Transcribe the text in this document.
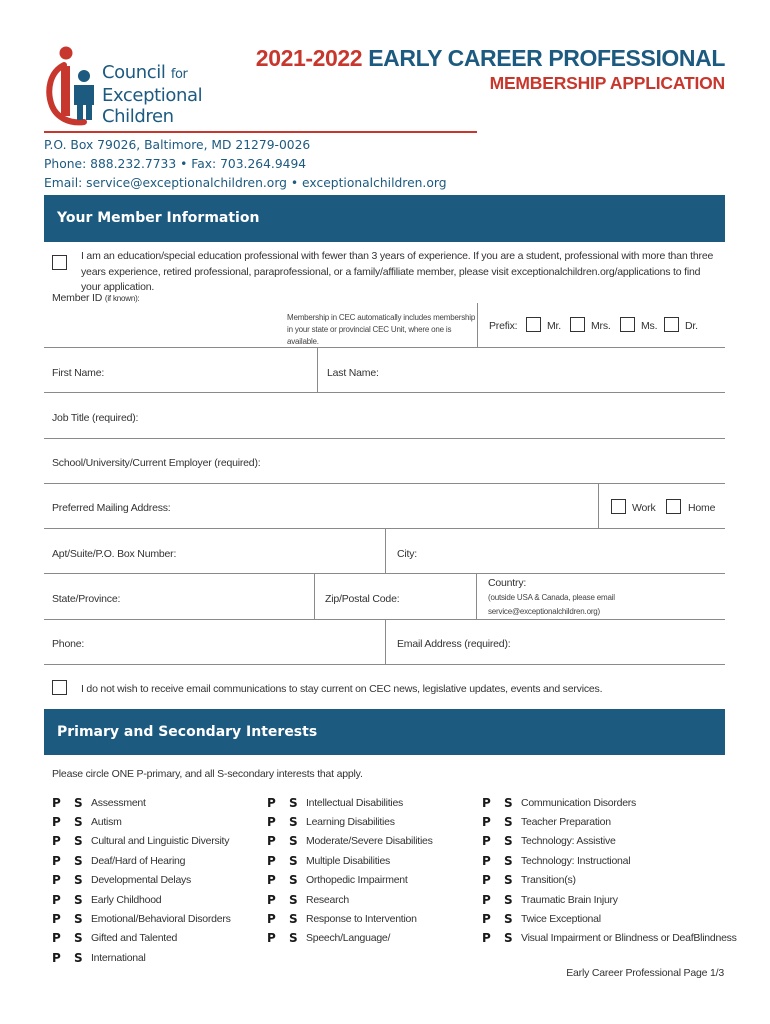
Council for
Exceptional
Children
2021-2022 EARLY CAREER PROFESSIONAL
MEMBERSHIP APPLICATION
P.O. Box 79026, Baltimore, MD 21279-0026
Phone: 888.232.7733 • Fax: 703.264.9494
Email: service@exceptionalchildren.org • exceptionalchildren.org
Your Member Information
I am an education/special education professional with fewer than 3 years of experience. If you are a student, professional with more than three years experience, retired professional, paraprofessional, or a family/affiliate member, please visit exceptionalchildren.org/applications to find your application.
Member ID (if known):
Membership in CEC automatically includes membership in your state or provincial CEC Unit, where one is available.
Prefix:	Mr.	Mrs.	Ms.	Dr.
First Name:	Last Name:
Job Title (required):
School/University/Current Employer (required):
Preferred Mailing Address:	Work	Home
Apt/Suite/P.O. Box Number:	City:
State/Province:	Zip/Postal Code:
Country:
(outside USA & Canada, please email service@exceptionalchildren.org)
Phone:	Email Address (required):
I do not wish to receive email communications to stay current on CEC news, legislative updates, events and services.
Primary and Secondary Interests
Please circle ONE P-primary, and all S-secondary interests that apply.
P	S Assessment
P	S Autism
P	S Cultural and Linguistic Diversity
P	S Deaf/Hard of Hearing
P	S Developmental Delays
P	S Early Childhood
P	S Emotional/Behavioral Disorders
P	S Gifted and Talented
P	S International
P	S Intellectual Disabilities
P	S Learning Disabilities
P	S Moderate/Severe Disabilities
P	S Multiple Disabilities
P	S Orthopedic Impairment
P	S Research
P	S Response to Intervention
P	S Speech/Language/
P	S Communication Disorders
P	S Teacher Preparation
P	S Technology: Assistive
P	S Technology: Instructional
P	S Transition(s)
P	S Traumatic Brain Injury
P	S Twice Exceptional
P	S Visual Impairment or Blindness or DeafBlindness
Early Career Professional Page 1/3
